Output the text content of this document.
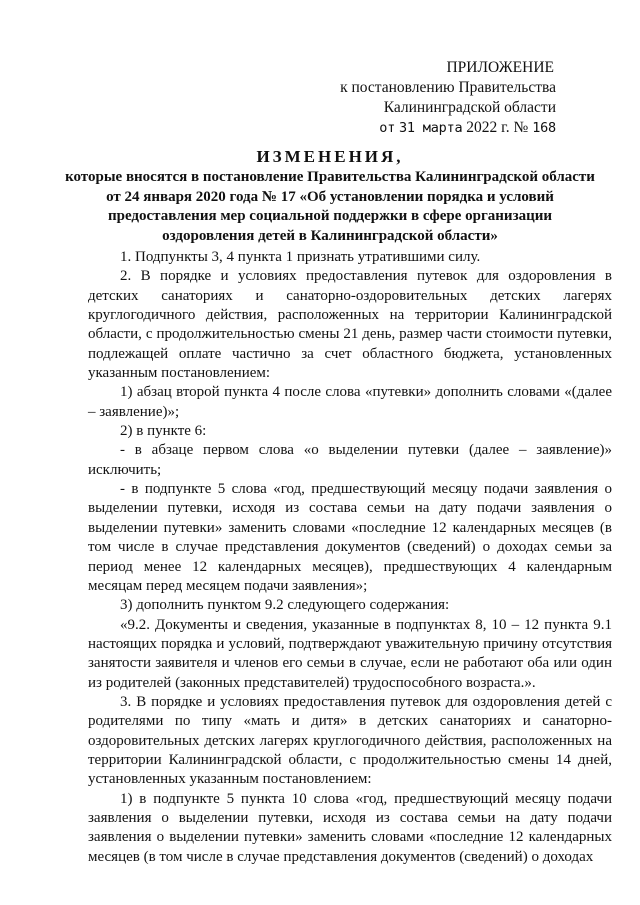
ПРИЛОЖЕНИЕ
к постановлению Правительства
Калининградской области
от 31 марта 2022 г. № 168
ИЗМЕНЕНИЯ,
которые вносятся в постановление Правительства Калининградской области от 24 января 2020 года № 17 «Об установлении порядка и условий предоставления мер социальной поддержки в сфере организации оздоровления детей в Калининградской области»

1. Подпункты 3, 4 пункта 1 признать утратившими силу.

2. В порядке и условиях предоставления путевок для оздоровления в детских санаториях и санаторно-оздоровительных детских лагерях круглогодичного действия, расположенных на территории Калининградской области, с продолжительностью смены 21 день, размер части стоимости путевки, подлежащей оплате частично за счет областного бюджета, установленных указанным постановлением:

1) абзац второй пункта 4 после слова «путевки» дополнить словами «(далее – заявление)»;

2) в пункте 6:

- в абзаце первом слова «о выделении путевки (далее – заявление)» исключить;

- в подпункте 5 слова «год, предшествующий месяцу подачи заявления о выделении путевки, исходя из состава семьи на дату подачи заявления о выделении путевки» заменить словами «последние 12 календарных месяцев (в том числе в случае представления документов (сведений) о доходах семьи за период менее 12 календарных месяцев), предшествующих 4 календарным месяцам перед месяцем подачи заявления»;

3) дополнить пунктом 9.2 следующего содержания:

«9.2. Документы и сведения, указанные в подпунктах 8, 10 – 12 пункта 9.1 настоящих порядка и условий, подтверждают уважительную причину отсутствия занятости заявителя и членов его семьи в случае, если не работают оба или один из родителей (законных представителей) трудоспособного возраста.».

3. В порядке и условиях предоставления путевок для оздоровления детей с родителями по типу «мать и дитя» в детских санаториях и санаторно-оздоровительных детских лагерях круглогодичного действия, расположенных на территории Калининградской области, с продолжительностью смены 14 дней, установленных указанным постановлением:

1) в подпункте 5 пункта 10 слова «год, предшествующий месяцу подачи заявления о выделении путевки, исходя из состава семьи на дату подачи заявления о выделении путевки» заменить словами «последние 12 календарных месяцев (в том числе в случае представления документов (сведений) о доходах
